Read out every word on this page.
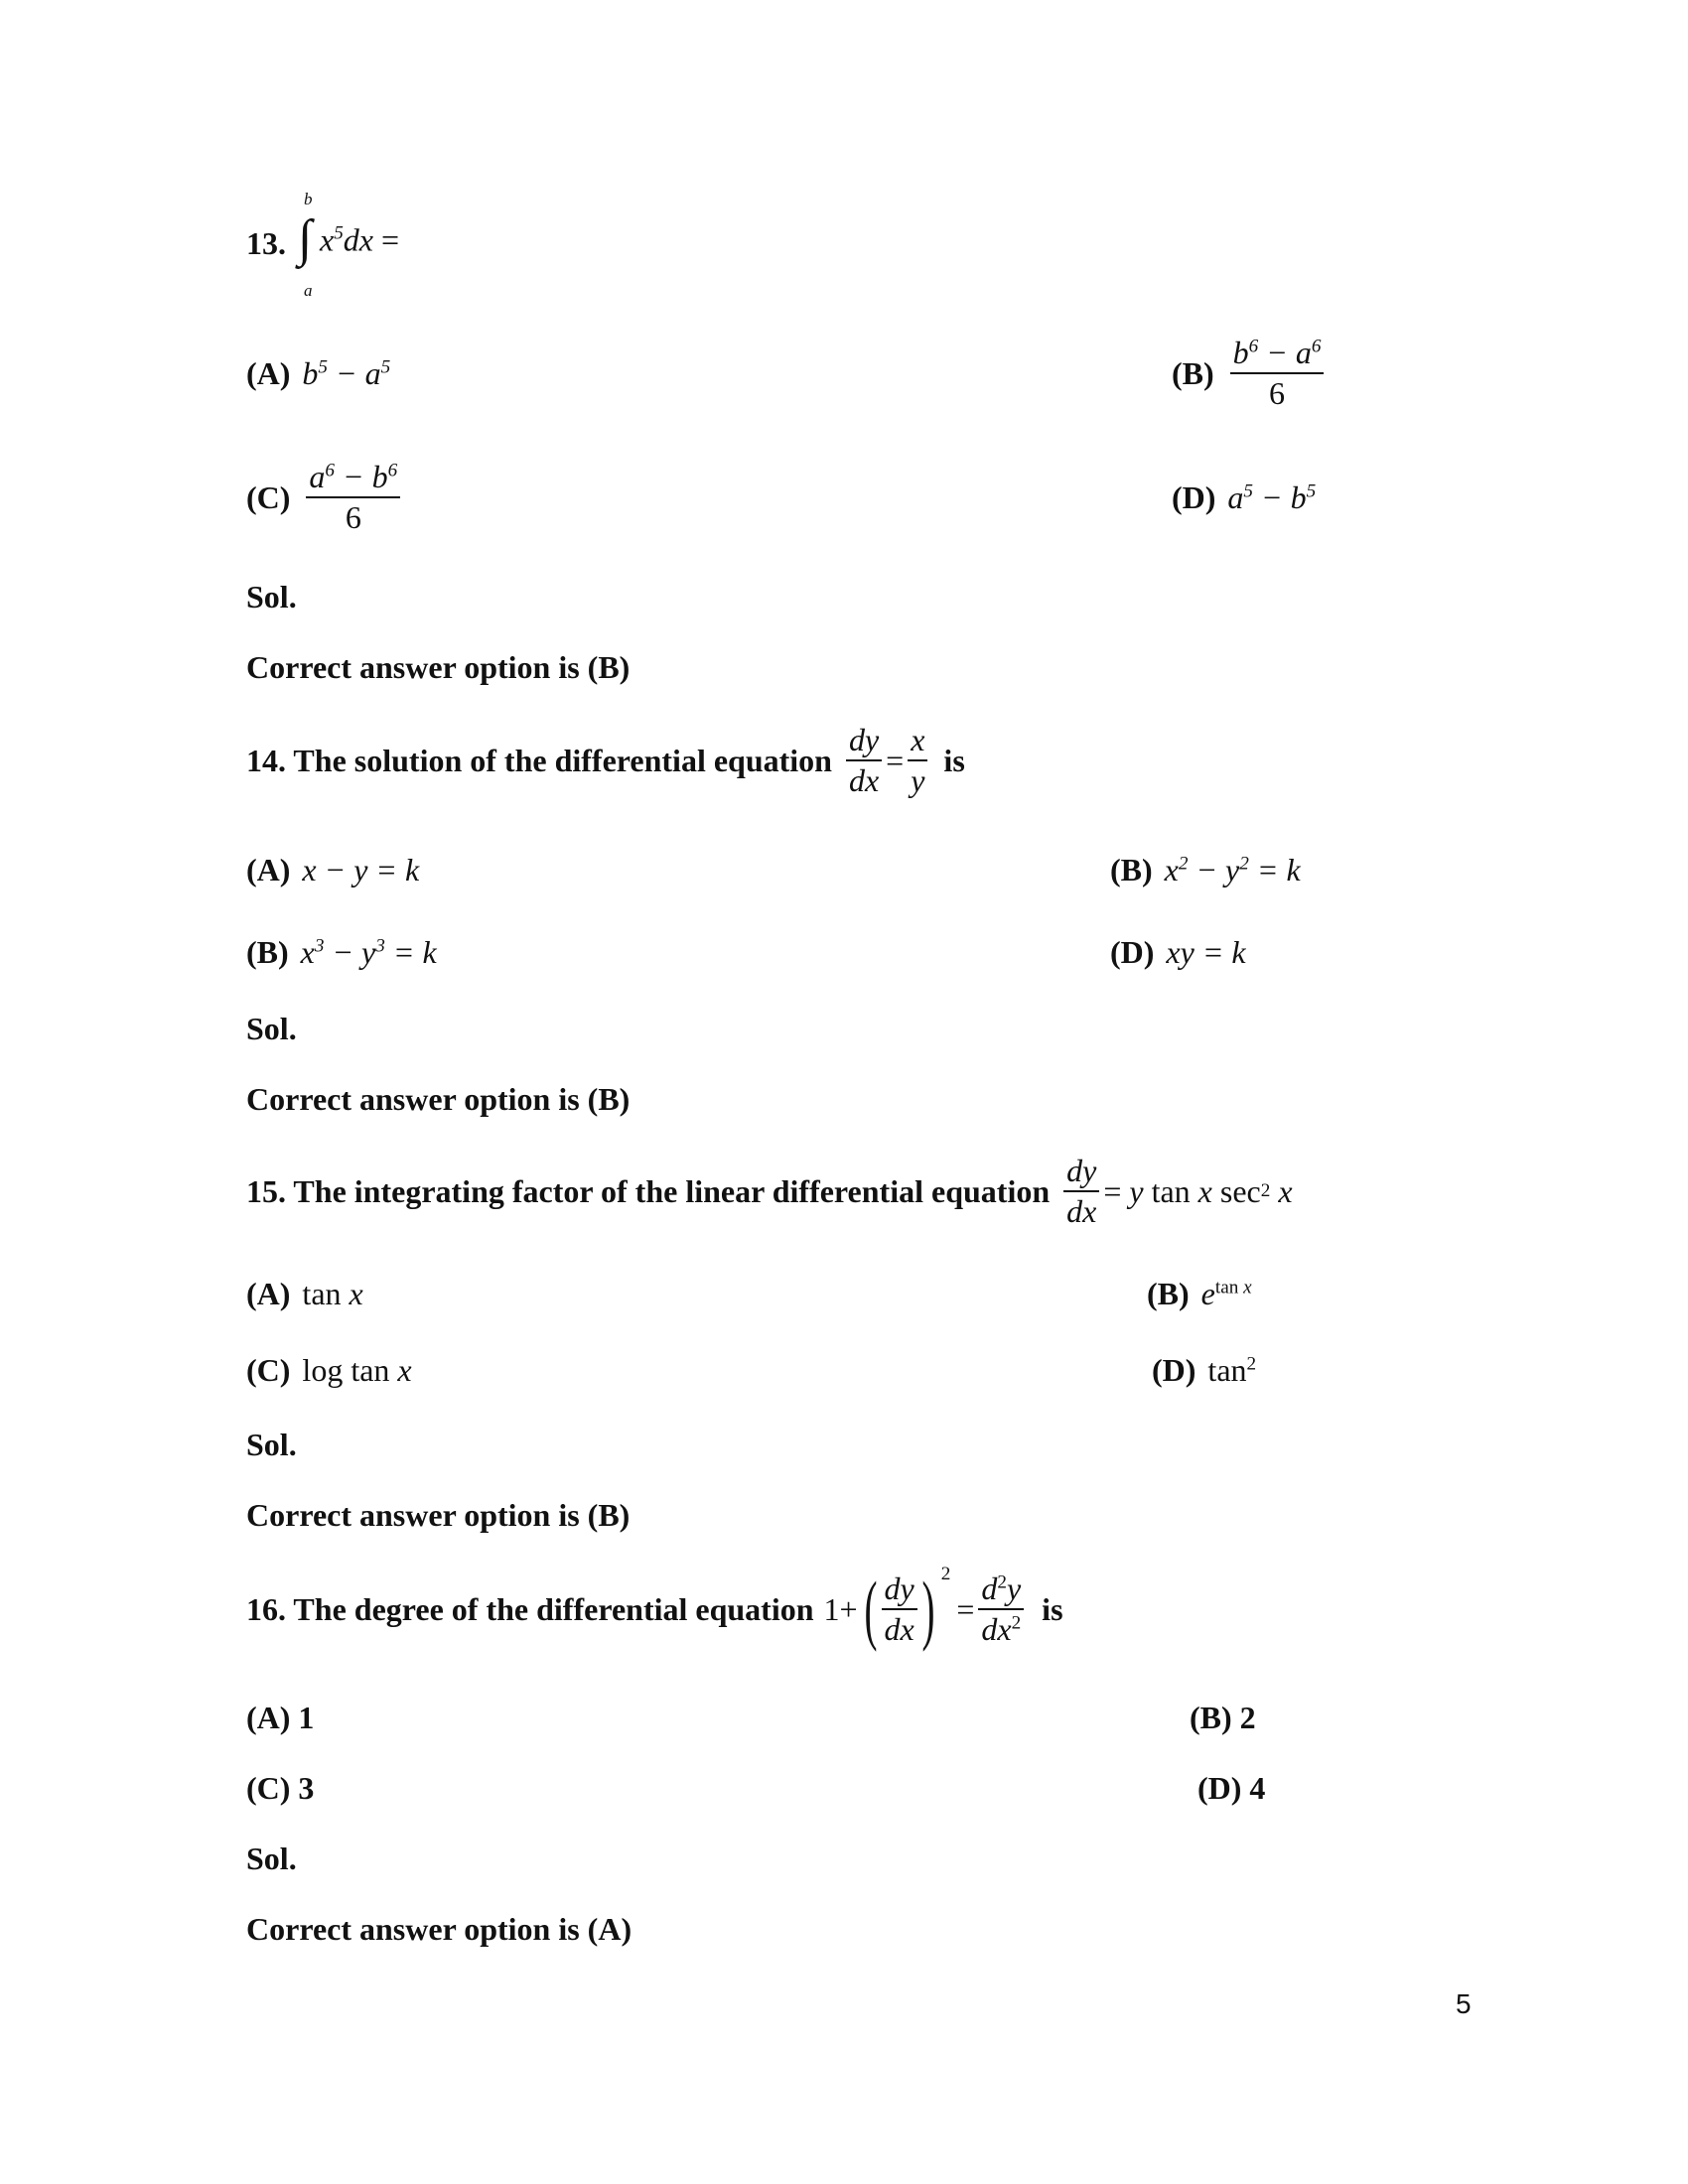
13.
b
∫
a
$x^5dx$ =
(A) $b^5 - a^5$	$(B) \frac{b^6 - a^6}{6}$
$(C) \frac{a^6 - b^6}{6}$	(D) $a^5 - b^5$
Sol.
Correct answer option is (B)
14. The solution of the differential equation $\frac{dy}{dx} = \frac{x}{y}$ is
(A) x − y = k	(B) $x^2 - y^2 = k$
(B) $x^3 - y^3 = k$	(D) xy = k
Sol.
Correct answer option is (B)
15. The integrating factor of the linear differential equation $\frac{dy}{dx} = y$ tan x sec 2 x
(A) tan x	(B) $e^{tan x}$
(C) log tan x	(D) $\tan^2$
Sol.
Correct answer option is (B)
16. The degree of the differential equation 1+ ( $\frac{dy}{dx}$ ) 2
= $\frac{d^2y}{dx^2}$ is
(A) 1	(B) 2
(C) 3	(D) 4
Sol.
Correct answer option is (A)
5
